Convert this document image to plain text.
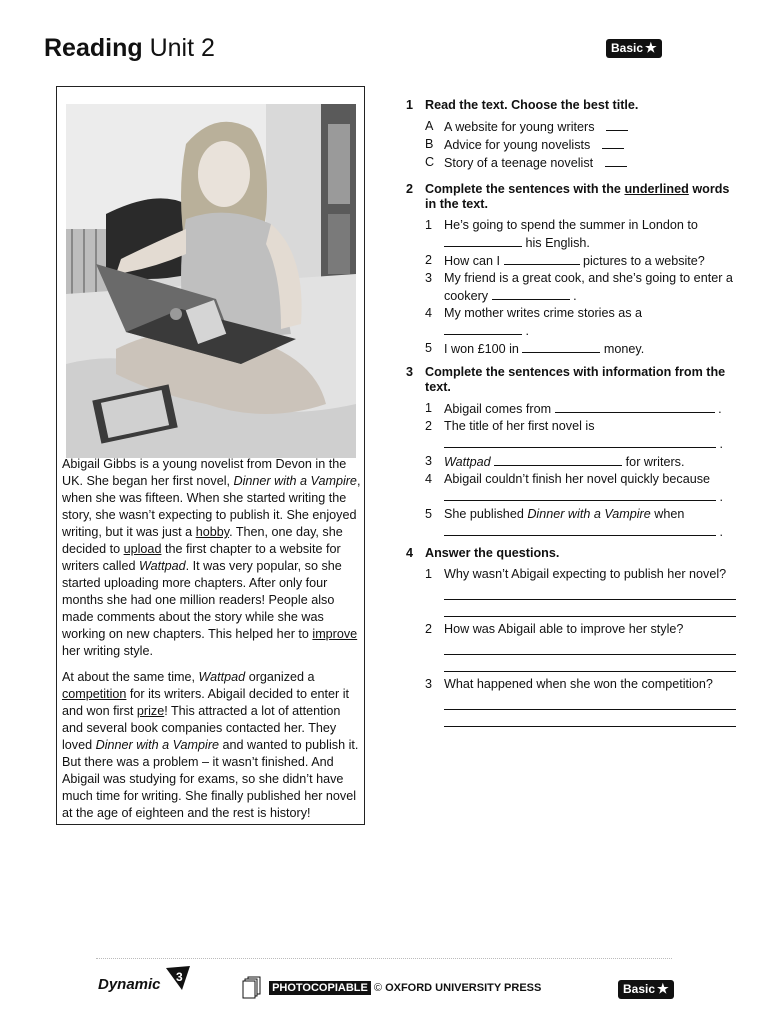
Reading Unit 2	Basic ★

Abigail Gibbs is a young novelist from Devon in the UK. She began her first novel, Dinner with a Vampire, when she was fifteen. When she started writing the story, she wasn’t expecting to publish it. She enjoyed writing, but it was just a hobby. Then, one day, she decided to upload the first chapter to a website for writers called Wattpad. It was very popular, so she started uploading more chapters. After only four months she had one million readers! People also made comments about the story while she was working on new chapters. This helped her to improve her writing style.

At about the same time, Wattpad organized a competition for its writers. Abigail decided to enter it and won first prize! This attracted a lot of attention and several book companies contacted her. They loved Dinner with a Vampire and wanted to publish it. But there was a problem – it wasn’t finished. And Abigail was studying for exams, so she didn’t have much time for writing. She finally published her novel at the age of eighteen and the rest is history!

1 Read the text. Choose the best title.
A A website for young writers
B Advice for young novelists
C Story of a teenage novelist
2 Complete the sentences with the underlined words in the text.
1 He’s going to spend the summer in London to
his English.
2 How can I	pictures to a website?
3 My friend is a great cook, and she’s going to enter a cookery	.
4 My mother writes crime stories as a
.
5 I won £100 in	money.
3 Complete the sentences with information from the text.
1 Abigail comes from	.
2 The title of her first novel is
.
3 Wattpad	for writers.
4 Abigail couldn’t finish her novel quickly because
.
5 She published Dinner with a Vampire when
.
4 Answer the questions.
1 Why wasn’t Abigail expecting to publish her novel?
2 How was Abigail able to improve her style?
3 What happened when she won the competition?
Dynamic 3
PHOTOCOPIABLE © OXFORD UNIVERSITY PRESS	Basic ★
